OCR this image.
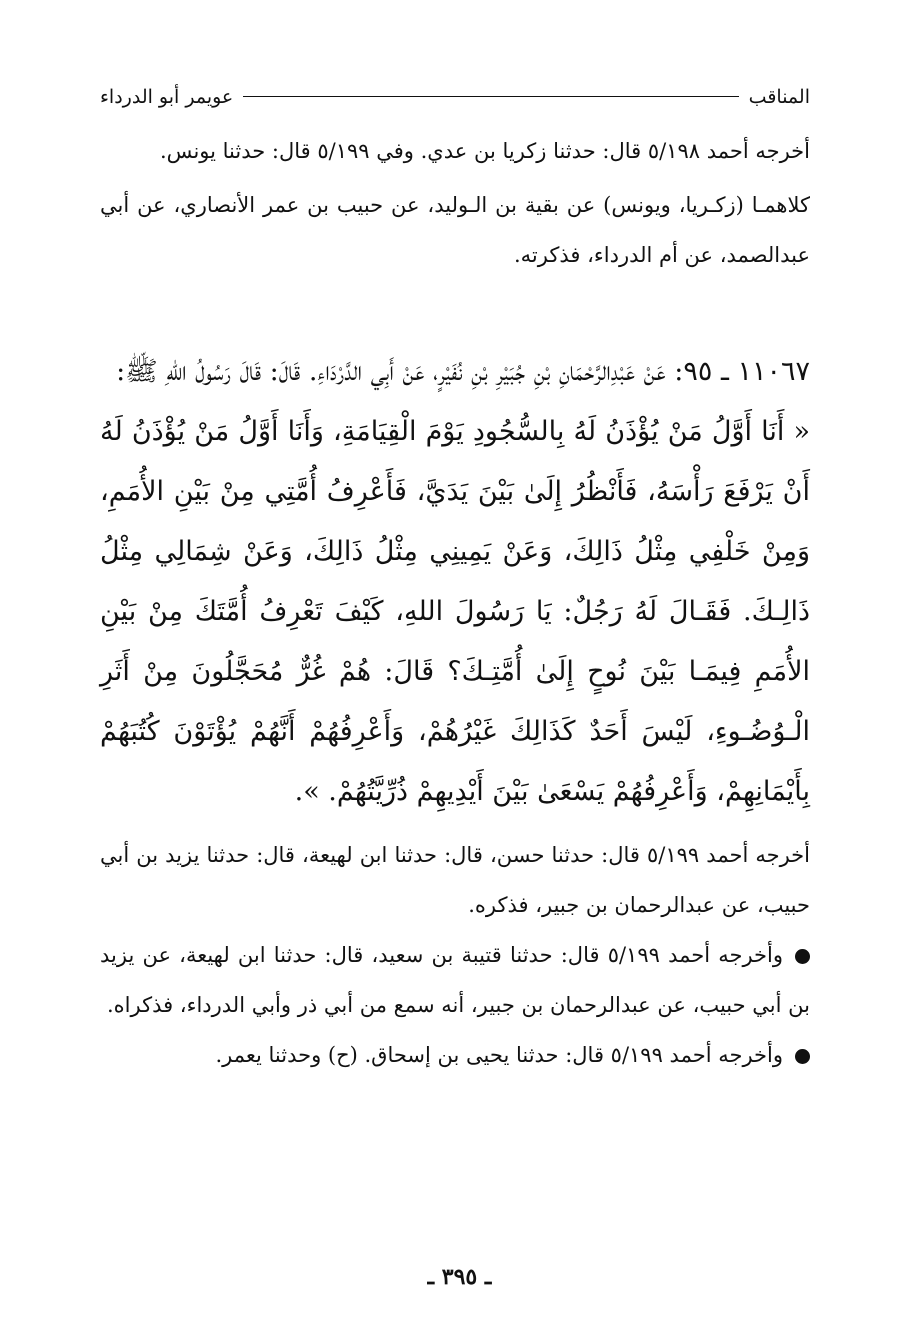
المناقب
عويمر أبو الدرداء

أخرجه أحمد ٥/١٩٨ قال: حدثنا زكريا بن عدي. وفي ٥/١٩٩ قال: حدثنا يونس.

كلاهمـا (زكـريا، ويونس) عن بقية بن الـوليد، عن حبيب بن عمر الأنصاري، عن أبي عبدالصمد، عن أم الدرداء، فذكرته.

١١٠٦٧ ـ ٩٥: عَنْ عَبْدِالرَّحْمَانِ بْنِ جُبَيْرِ بْنِ نُفَيْرٍ، عَنْ أَبِي الدَّرْدَاءِ. قَالَ: قَالَ رَسُولُ اللهِ ﷺ:

« أَنَا أَوَّلُ مَنْ يُؤْذَنُ لَهُ بِالسُّجُودِ يَوْمَ الْقِيَامَةِ، وَأَنَا أَوَّلُ مَنْ يُؤْذَنُ لَهُ أَنْ يَرْفَعَ رَأْسَهُ، فَأَنْظُرُ إِلَىٰ بَيْنَ يَدَيَّ، فَأَعْرِفُ أُمَّتِي مِنْ بَيْنِ الأُمَمِ، وَمِنْ خَلْفِي مِثْلُ ذَالِكَ، وَعَنْ يَمِينِي مِثْلُ ذَالِكَ، وَعَنْ شِمَالِي مِثْلُ ذَالِـكَ. فَقَـالَ لَهُ رَجُلٌ: يَا رَسُولَ اللهِ، كَيْفَ تَعْرِفُ أُمَّتَكَ مِنْ بَيْنِ الأُمَمِ فِيمَـا بَيْنَ نُوحٍ إِلَىٰ أُمَّتِـكَ؟ قَالَ: هُمْ غُرٌّ مُحَجَّلُونَ مِنْ أَثَرِ الْـوُضُـوءِ، لَيْسَ أَحَدٌ كَذَالِكَ غَيْرُهُمْ، وَأَعْرِفُهُمْ أَنَّهُمْ يُؤْتَوْنَ كُتُبَهُمْ بِأَيْمَانِهِمْ، وَأَعْرِفُهُمْ يَسْعَىٰ بَيْنَ أَيْدِيهِمْ ذُرِّيَّتُهُمْ. ».

أخرجه أحمد ٥/١٩٩ قال: حدثنا حسن، قال: حدثنا ابن لهيعة، قال: حدثنا يزيد بن أبي حبيب، عن عبدالرحمان بن جبير، فذكره.

وأخرجه أحمد ٥/١٩٩ قال: حدثنا قتيبة بن سعيد، قال: حدثنا ابن لهيعة، عن يزيد بن أبي حبيب، عن عبدالرحمان بن جبير، أنه سمع من أبي ذر وأبي الدرداء، فذكراه.

وأخرجه أحمد ٥/١٩٩ قال: حدثنا يحيى بن إسحاق. (ح) وحدثنا يعمر.

ـ ٣٩٥ ـ
